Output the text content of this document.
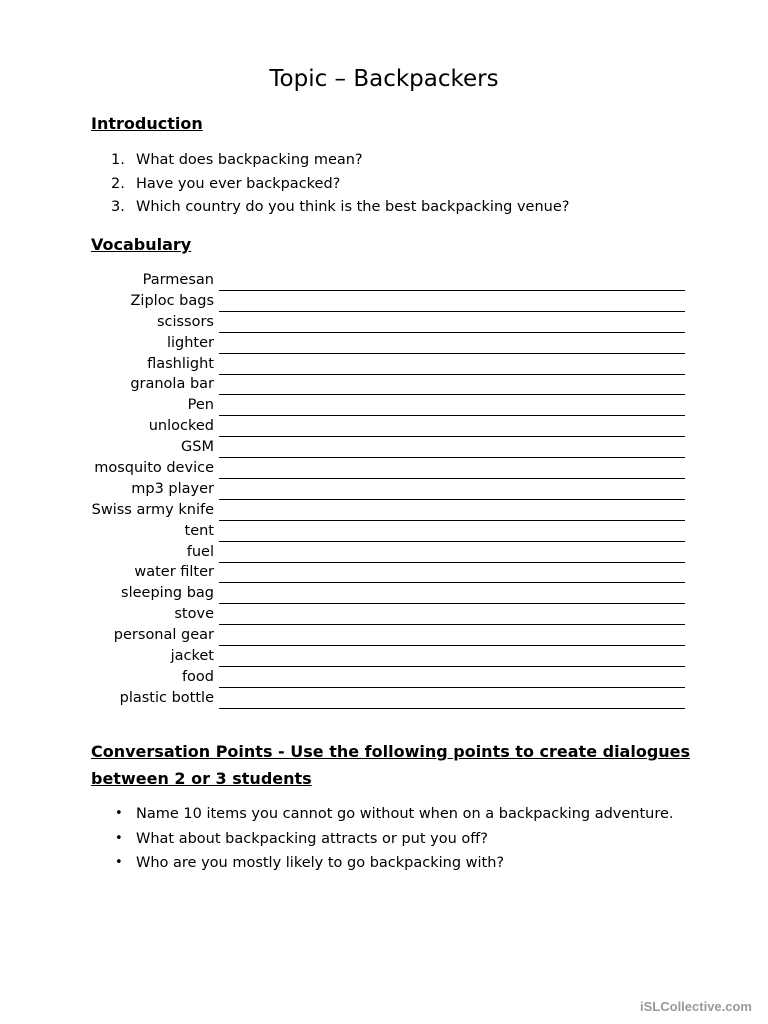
Topic – Backpackers
Introduction
1. What does backpacking mean?
2. Have you ever backpacked?
3. Which country do you think is the best backpacking venue?
Vocabulary
Parmesan
Ziploc bags
scissors
lighter
flashlight
granola bar
Pen
unlocked
GSM
mosquito device
mp3 player
Swiss army knife
tent
fuel
water filter
sleeping bag
stove
personal gear
jacket
food
plastic bottle
Conversation Points - Use the following points to create dialogues between 2 or 3 students
• Name 10 items you cannot go without when on a backpacking adventure.
• What about backpacking attracts or put you off?
• Who are you mostly likely to go backpacking with?
iSLCollective.com
